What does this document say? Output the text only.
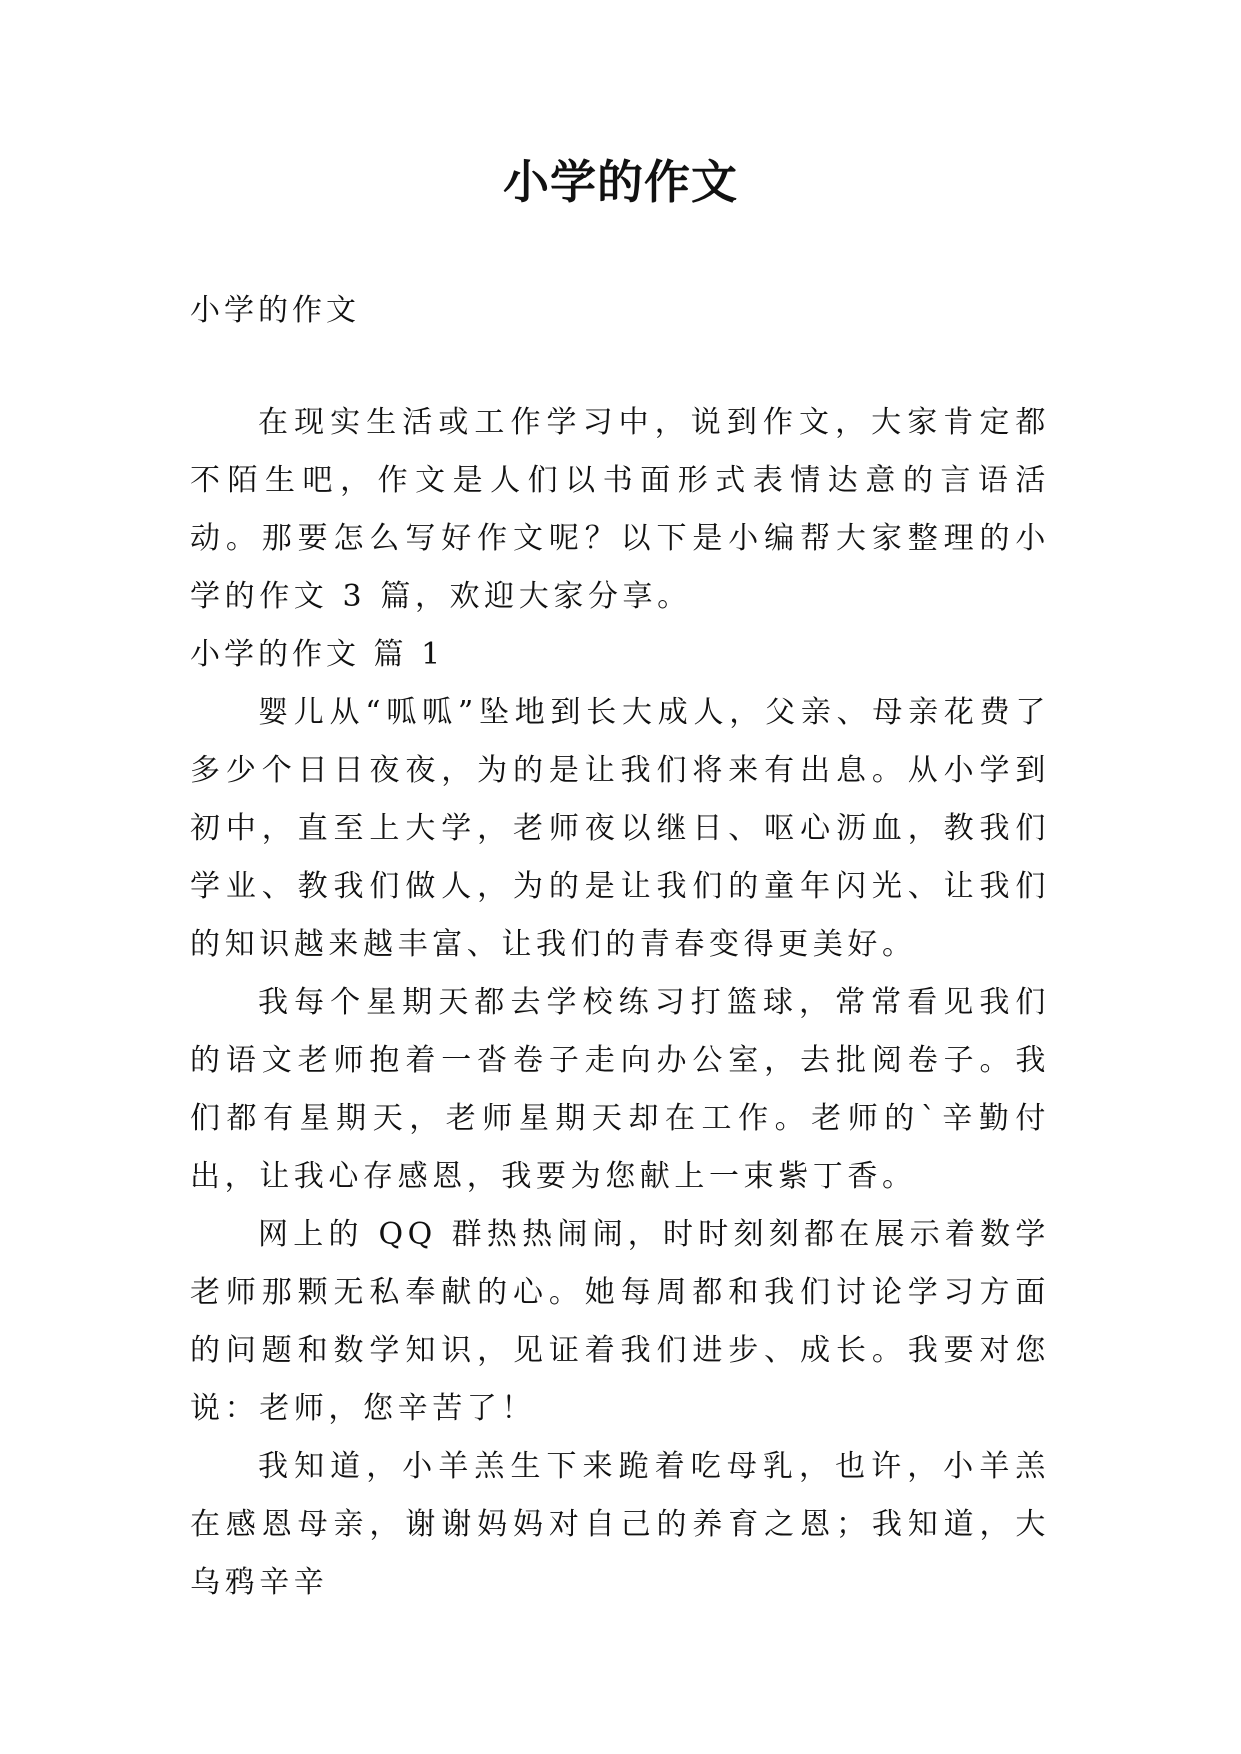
小学的作文

小学的作文

在现实生活或工作学习中，说到作文，大家肯定都不陌生吧，作文是人们以书面形式表情达意的言语活动。那要怎么写好作文呢？以下是小编帮大家整理的小学的作文 3 篇，欢迎大家分享。

小学的作文 篇 1

婴儿从“呱呱”坠地到长大成人，父亲、母亲花费了多少个日日夜夜，为的是让我们将来有出息。从小学到初中，直至上大学，老师夜以继日、呕心沥血，教我们学业、教我们做人，为的是让我们的童年闪光、让我们的知识越来越丰富、让我们的青春变得更美好。

我每个星期天都去学校练习打篮球，常常看见我们的语文老师抱着一沓卷子走向办公室，去批阅卷子。我们都有星期天，老师星期天却在工作。老师的`辛勤付出，让我心存感恩，我要为您献上一束紫丁香。

网上的 QQ 群热热闹闹，时时刻刻都在展示着数学老师那颗无私奉献的心。她每周都和我们讨论学习方面的问题和数学知识，见证着我们进步、成长。我要对您说：老师，您辛苦了！

我知道，小羊羔生下来跪着吃母乳，也许，小羊羔在感恩母亲，谢谢妈妈对自己的养育之恩；我知道，大乌鸦辛辛
